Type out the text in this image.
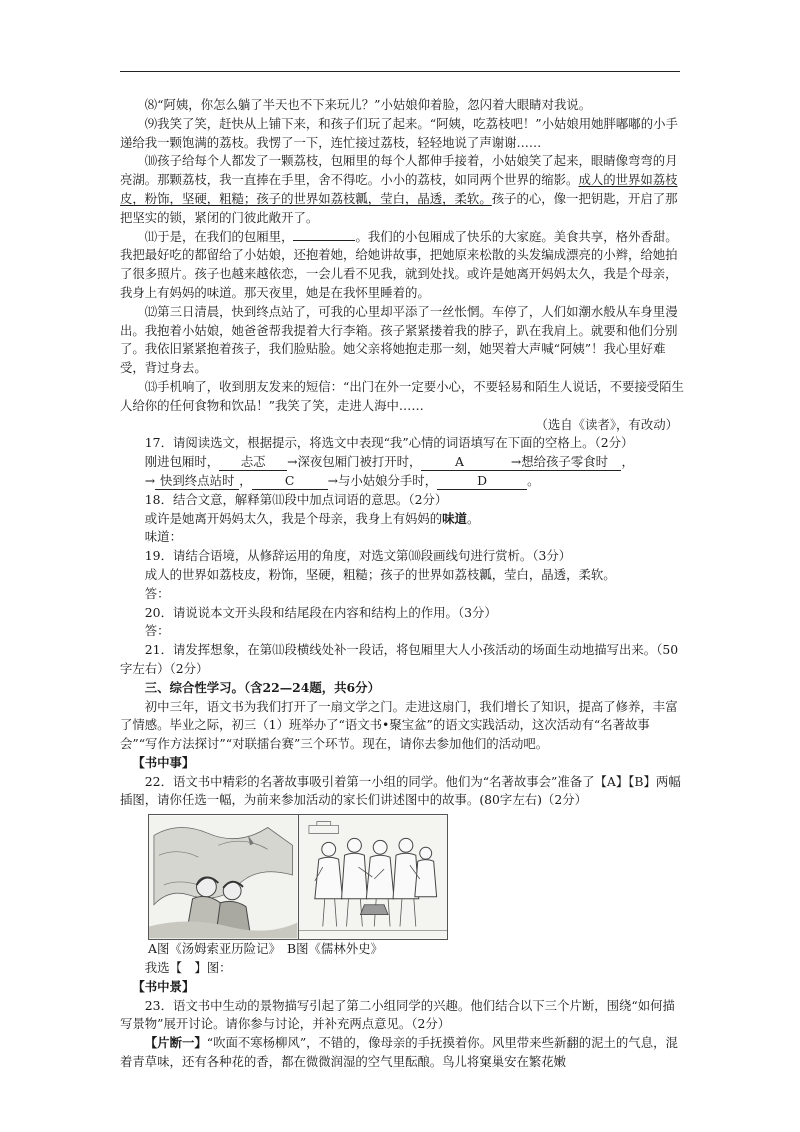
⑻“阿姨，你怎么躺了半天也不下来玩儿？”小姑娘仰着脸，忽闪着大眼睛对我说。

⑼我笑了笑，赶快从上铺下来，和孩子们玩了起来。“阿姨，吃荔枝吧！”小姑娘用她胖嘟嘟的小手递给我一颗饱满的荔枝。我愣了一下，连忙接过荔枝，轻轻地说了声谢谢……

⑽孩子给每个人都发了一颗荔枝，包厢里的每个人都伸手接着，小姑娘笑了起来，眼睛像弯弯的月亮湖。那颗荔枝，我一直捧在手里，舍不得吃。小小的荔枝，如同两个世界的缩影。成人的世界如荔枝皮，粉饰，坚硬，粗糙；孩子的世界如荔枝瓤，莹白，晶透，柔软。孩子的心，像一把钥匙，开启了那把坚实的锁，紧闭的门彼此敞开了。

⑾于是，在我们的包厢里，	。我们的小包厢成了快乐的大家庭。美食共享，格外香甜。我把最好吃的都留给了小姑娘，还抱着她，给她讲故事，把她原来松散的头发编成漂亮的小辫，给她拍了很多照片。孩子也越来越依恋，一会儿看不见我，就到处找。或许是她离开妈妈太久，我是个母亲，我身上有妈妈的味道。那天夜里，她是在我怀里睡着的。

⑿第三日清晨，快到终点站了，可我的心里却平添了一丝怅惘。车停了，人们如潮水般从车身里漫出。我抱着小姑娘，她爸爸帮我提着大行李箱。孩子紧紧搂着我的脖子，趴在我肩上。就要和他们分别了。我依旧紧紧抱着孩子，我们脸贴脸。她父亲将她抱走那一刻，她哭着大声喊“阿姨”！我心里好难受，背过身去。

⒀手机响了，收到朋友发来的短信：“出门在外一定要小心，不要轻易和陌生人说话，不要接受陌生人给你的任何食物和饮品！”我笑了笑，走进人海中……

（选自《读者》，有改动）

17．请阅读选文，根据提示，将选文中表现“我”心情的词语填写在下面的空格上。（2分）

刚进包厢时， 忐忑 →深夜包厢门被打开时，	A	→想给孩子零食时 ，

→ 快到终点站时 ，	C	→与小姑娘分手时，	D	。

18．结合文意，解释第⑾段中加点词语的意思。（2分）

或许是她离开妈妈太久，我是个母亲，我身上有妈妈的味道。

味道：

19．请结合语境，从修辞运用的角度，对选文第⑽段画线句进行赏析。（3分）

成人的世界如荔枝皮，粉饰，坚硬，粗糙；孩子的世界如荔枝瓤，莹白，晶透，柔软。

答：

20．请说说本文开头段和结尾段在内容和结构上的作用。（3分）

答：

21．请发挥想象，在第⑾段横线处补一段话，将包厢里大人小孩活动的场面生动地描写出来。（50字左右）（2分）

三、综合性学习。（含22—24题，共6分）

初中三年，语文书为我们打开了一扇文学之门。走进这扇门，我们增长了知识，提高了修养，丰富了情感。毕业之际，初三（1）班举办了“语文书•聚宝盆”的语文实践活动，这次活动有“名著故事会”“写作方法探讨”“对联擂台赛”三个环节。现在，请你去参加他们的活动吧。

【书中事】

22．语文书中精彩的名著故事吸引着第一小组的同学。他们为“名著故事会”准备了【A】【B】两幅插图，请你任选一幅，为前来参加活动的家长们讲述图中的故事。(80字左右)（2分）

A图《汤姆索亚历险记》　 B图《儒林外史》

我选【　】图：

【书中景】

23．语文书中生动的景物描写引起了第二小组同学的兴趣。他们结合以下三个片断，围绕“如何描写景物”展开讨论。请你参与讨论，并补充两点意见。（2分）

【片断一】“吹面不寒杨柳风”，不错的，像母亲的手抚摸着你。风里带来些新翻的泥土的气息，混着青草味，还有各种花的香，都在微微润湿的空气里酝酿。鸟儿将窠巢安在繁花嫩
